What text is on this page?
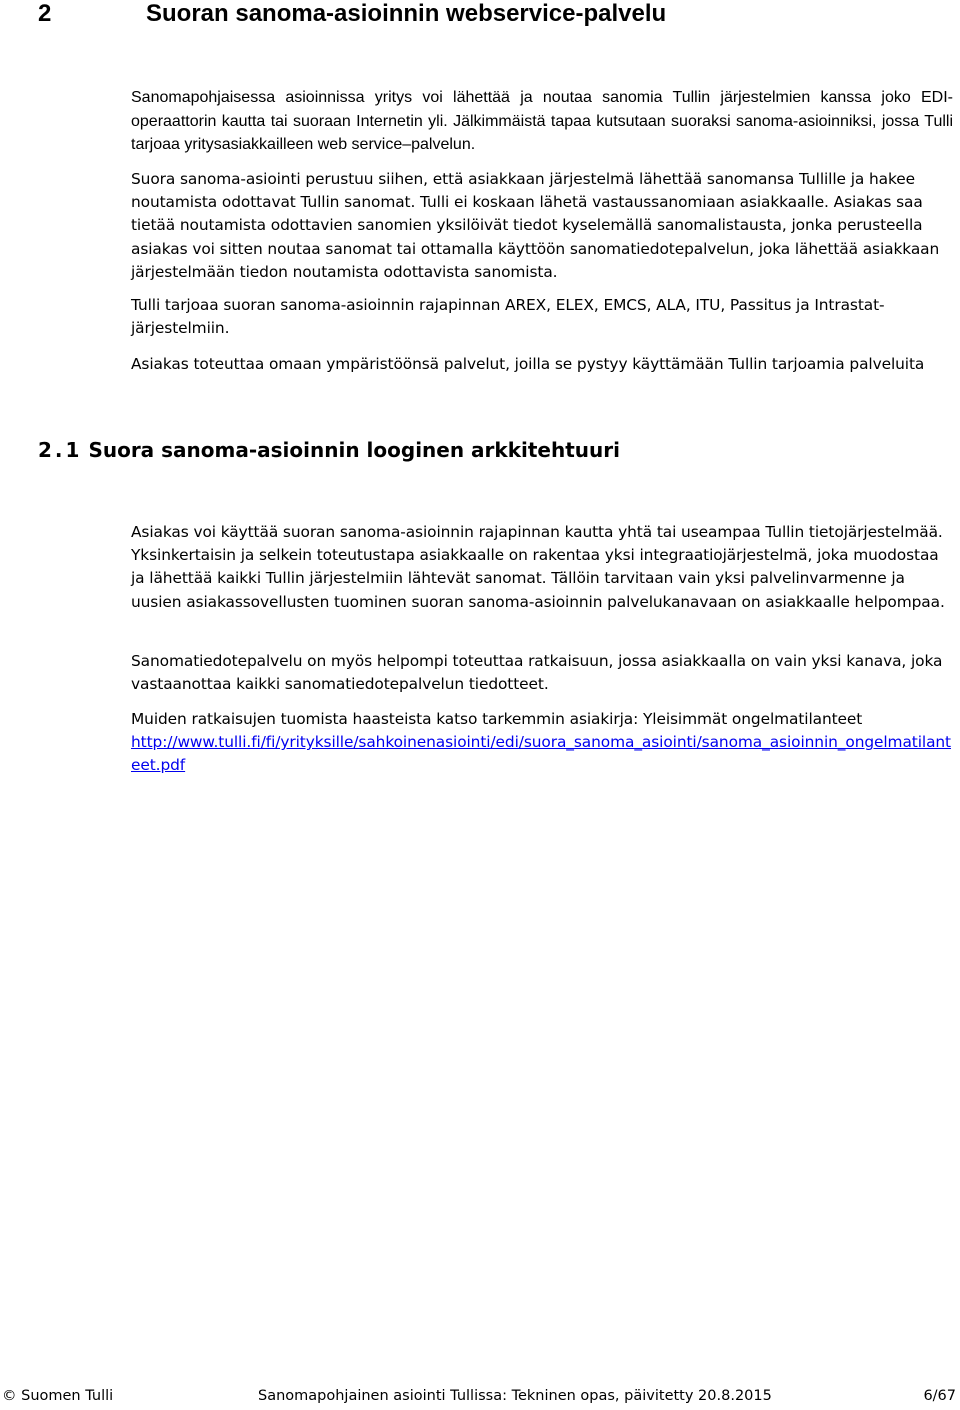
2	Suoran sanoma-asioinnin webservice-palvelu

Sanomapohjaisessa asioinnissa yritys voi lähettää ja noutaa sanomia Tullin järjestelmien kanssa joko EDI-operaattorin kautta tai suoraan Internetin yli. Jälkimmäistä tapaa kutsutaan suoraksi sanoma-asioinniksi, jossa Tulli tarjoaa yritysasiakkailleen web service–palvelun.

Suora sanoma-asiointi perustuu siihen, että asiakkaan järjestelmä lähettää sanomansa Tullille ja hakee noutamista odottavat Tullin sanomat. Tulli ei koskaan lähetä vastaussanomiaan asiakkaalle. Asiakas saa tietää noutamista odottavien sanomien yksilöivät tiedot kyselemällä sanomalistausta, jonka perusteella asiakas voi sitten noutaa sanomat tai ottamalla käyttöön sanomatiedotepalvelun, joka lähettää asiakkaan järjestelmään tiedon noutamista odottavista sanomista.

Tulli tarjoaa suoran sanoma-asioinnin rajapinnan AREX, ELEX, EMCS, ALA, ITU, Passitus ja Intrastat-järjestelmiin.

Asiakas toteuttaa omaan ympäristöönsä palvelut, joilla se pystyy käyttämään Tullin tarjoamia palveluita

2.1 Suora sanoma-asioinnin looginen arkkitehtuuri

Asiakas voi käyttää suoran sanoma-asioinnin rajapinnan kautta yhtä tai useampaa Tullin tietojärjestelmää. Yksinkertaisin ja selkein toteutustapa asiakkaalle on rakentaa yksi integraatiojärjestelmä, joka muodostaa ja lähettää kaikki Tullin järjestelmiin lähtevät sanomat. Tällöin tarvitaan vain yksi palvelinvarmenne ja uusien asiakassovellusten tuominen suoran sanoma-asioinnin palvelukanavaan on asiakkaalle helpompaa.

Sanomatiedotepalvelu on myös helpompi toteuttaa ratkaisuun, jossa asiakkaalla on vain yksi kanava, joka vastaanottaa kaikki sanomatiedotepalvelun tiedotteet.

Muiden ratkaisujen tuomista haasteista katso tarkemmin asiakirja: Yleisimmät ongelmatilanteet
http://www.tulli.fi/fi/yrityksille/sahkoinenasiointi/edi/suora_sanoma_asiointi/sanoma_asioinnin_ongelmatilanteet.pdf
© Suomen Tulli	Sanomapohjainen asiointi Tullissa: Tekninen opas, päivitetty 20.8.2015	6/67
